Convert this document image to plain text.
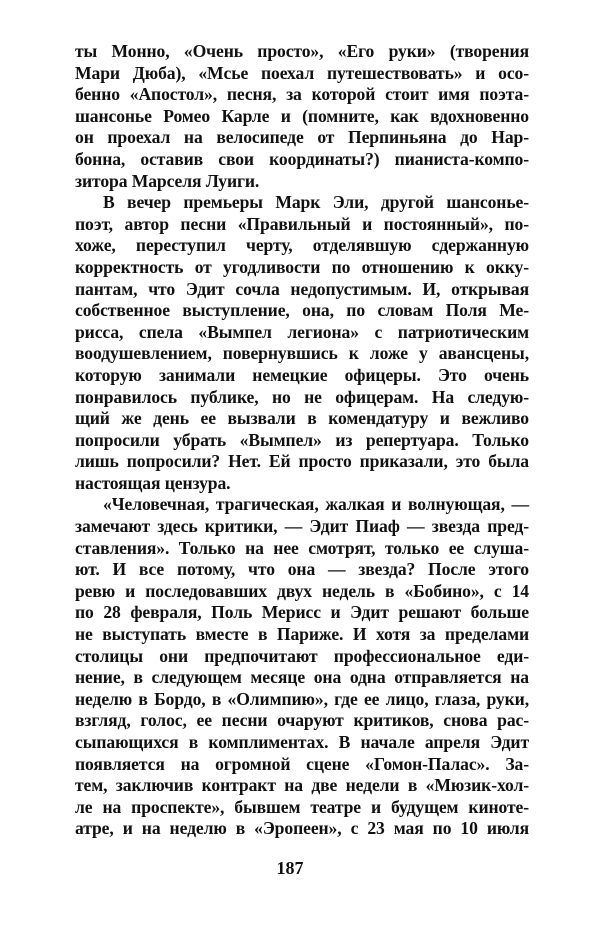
ты Монно, «Очень просто», «Его руки» (творения
Мари Дюба), «Мсье поехал путешествовать» и осо-
бенно «Апостол», песня, за которой стоит имя поэта-
шансонье Ромео Карле и (помните, как вдохновенно
он проехал на велосипеде от Перпиньяна до Нар-
бонна, оставив свои координаты?) пианиста-компо-
зитора Марселя Луиги.
В вечер премьеры Марк Эли, другой шансонье-
поэт, автор песни «Правильный и постоянный», по-
хоже, переступил черту, отделявшую сдержанную
корректность от угодливости по отношению к окку-
пантам, что Эдит сочла недопустимым. И, открывая
собственное выступление, она, по словам Поля Ме-
рисса, спела «Вымпел легиона» с патриотическим
воодушевлением, повернувшись к ложе у авансцены,
которую занимали немецкие офицеры. Это очень
понравилось публике, но не офицерам. На следую-
щий же день ее вызвали в комендатуру и вежливо
попросили убрать «Вымпел» из репертуара. Только
лишь попросили? Нет. Ей просто приказали, это была
настоящая цензура.
«Человечная, трагическая, жалкая и волнующая, —
замечают здесь критики, — Эдит Пиаф — звезда пред-
ставления». Только на нее смотрят, только ее слуша-
ют. И все потому, что она — звезда? После этого
ревю и последовавших двух недель в «Бобино», с 14
по 28 февраля, Поль Мерисс и Эдит решают больше
не выступать вместе в Париже. И хотя за пределами
столицы они предпочитают профессиональное еди-
нение, в следующем месяце она одна отправляется на
неделю в Бордо, в «Олимпию», где ее лицо, глаза, руки,
взгляд, голос, ее песни очаруют критиков, снова рас-
сыпающихся в комплиментах. В начале апреля Эдит
появляется на огромной сцене «Гомон-Палас». За-
тем, заключив контракт на две недели в «Мюзик-хол-
ле на проспекте», бывшем театре и будущем киноте-
атре, и на неделю в «Эропеен», с 23 мая по 10 июля
187
